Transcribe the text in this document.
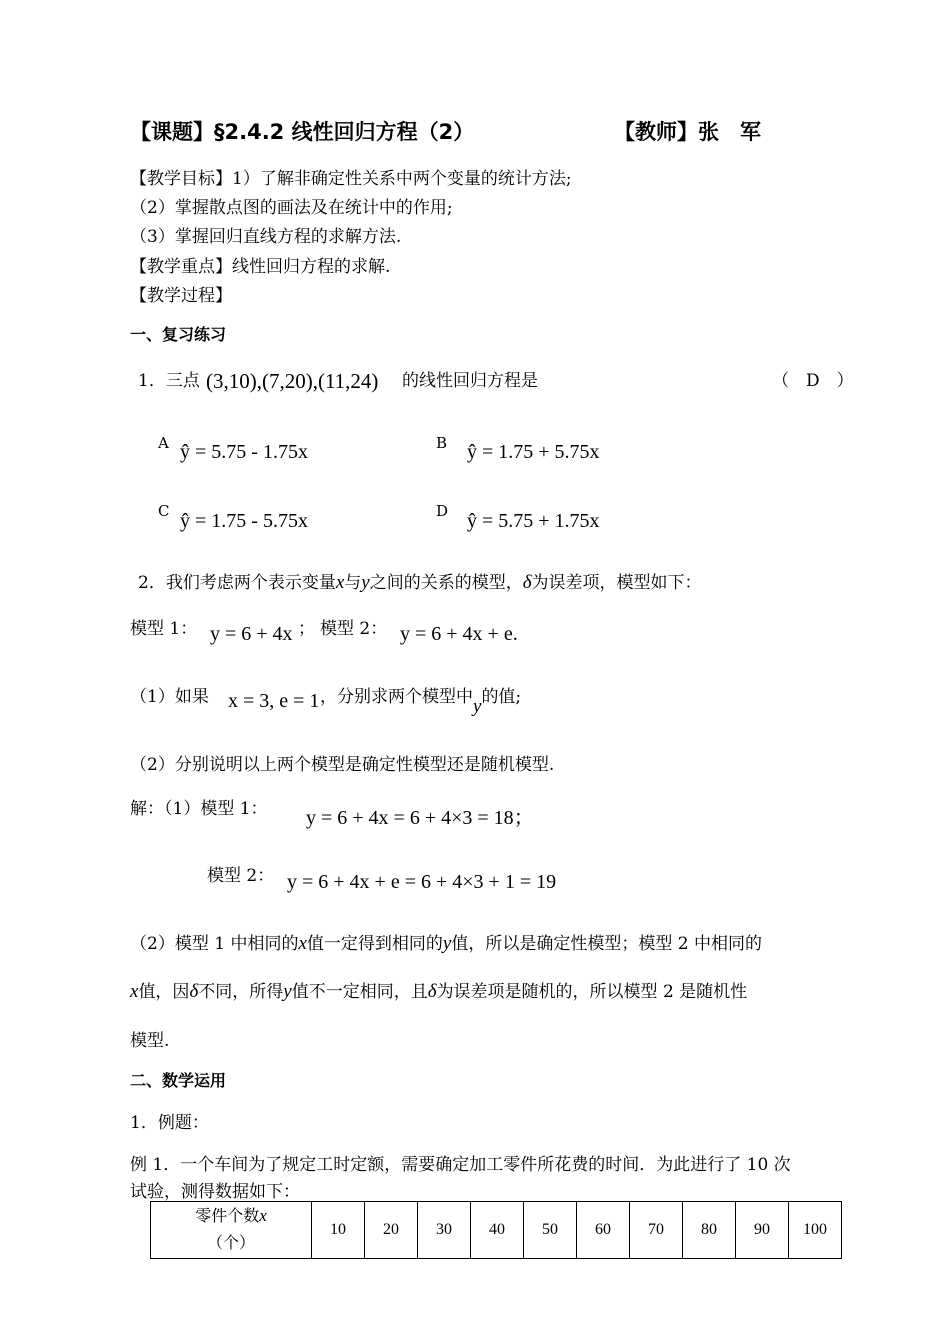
【课题】§2.4.2 线性回归方程（2）	【教师】张　军
【教学目标】1）了解非确定性关系中两个变量的统计方法;
（2）掌握散点图的画法及在统计中的作用;
（3）掌握回归直线方程的求解方法.
【教学重点】线性回归方程的求解.
【教学过程】
一、复习练习
1．三点 (3,10),(7,20),(11,24) 的线性回归方程是	（　D　）
A ŷ = 5.75 - 1.75x	B ŷ = 1.75 + 5.75x
C ŷ = 1.75 - 5.75x	D ŷ = 5.75 + 1.75x
2．我们考虑两个表示变量x与y之间的关系的模型，δ为误差项，模型如下：
模型 1： y = 6 + 4x ； 模型 2： y = 6 + 4x + e.
（1）如果 x = 3, e = 1 ，分别求两个模型中y的值;
（2）分别说明以上两个模型是确定性模型还是随机模型.
解：（1）模型 1： y = 6 + 4x = 6 + 4×3 = 18；
模型 2： y = 6 + 4x + e = 6 + 4×3 + 1 = 19
（2）模型 1 中相同的x值一定得到相同的y值，所以是确定性模型；模型 2 中相同的
x值，因δ不同，所得y值不一定相同，且δ为误差项是随机的，所以模型 2 是随机性
模型.
二、数学运用
1．例题：
例 1．一个车间为了规定工时定额，需要确定加工零件所花费的时间．为此进行了 10 次
试验，测得数据如下：
零件个数x
（个）	10	20	30	40	50	60	70	80	90	100
